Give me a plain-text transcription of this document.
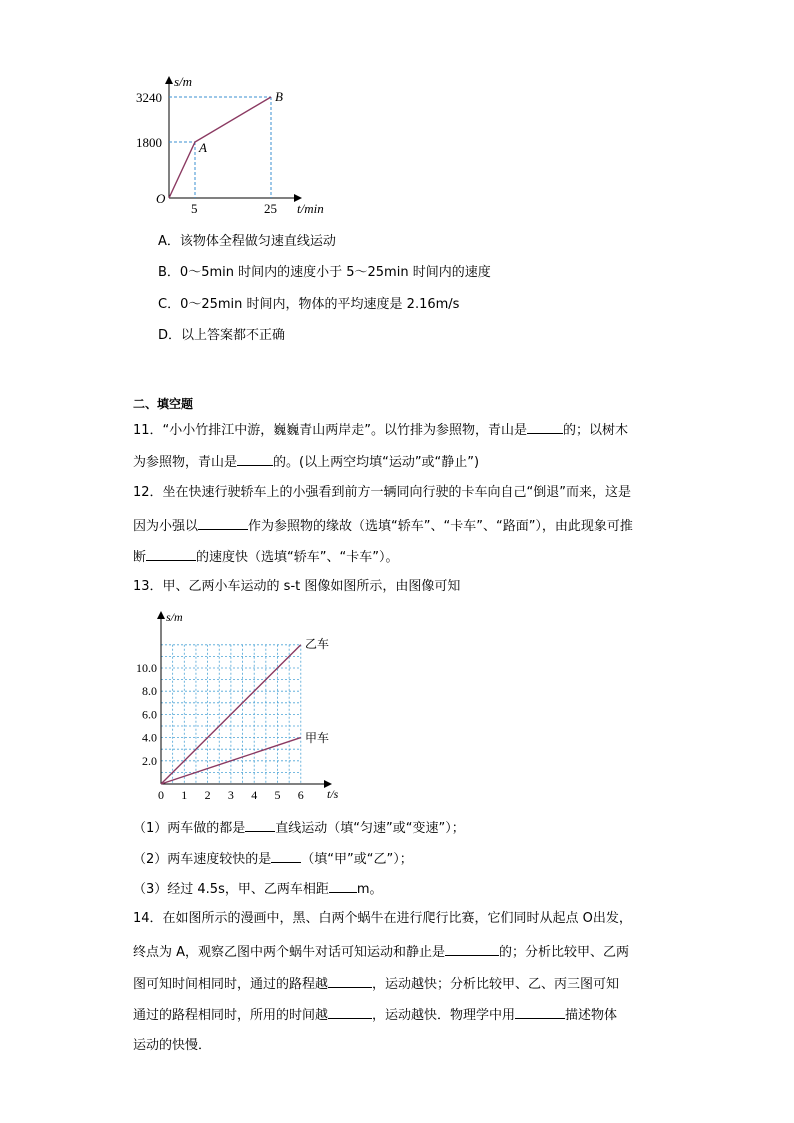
s/m
t/min
O
3240
1800
5	25
A
B
A．该物体全程做匀速直线运动
B．0～5min 时间内的速度小于 5～25min 时间内的速度
C．0～25min 时间内，物体的平均速度是 2.16m/s
D．以上答案都不正确
二、填空题
11．“小小竹排江中游，巍巍青山两岸走”。以竹排为参照物，青山是	的；以树木
为参照物，青山是	的。(以上两空均填“运动”或“静止”)
12．坐在快速行驶轿车上的小强看到前方一辆同向行驶的卡车向自己“倒退”而来，这是
因为小强以	作为参照物的缘故（选填“轿车”、“卡车”、“路面”），由此现象可推
断	的速度快（选填“轿车”、“卡车”）。
13．甲、乙两小车运动的 s-t 图像如图所示，由图像可知
s/m
t/s
2.0
4.0
6.0
8.0
10.0
0 1 2 3 4 5 6
乙车
甲车
（1）两车做的都是 直线运动（填“匀速”或“变速”）；
（2）两车速度较快的是 （填“甲”或“乙”）；
（3）经过 4.5s，甲、乙两车相距 m。
14．在如图所示的漫画中，黑、白两个蜗牛在进行爬行比赛，它们同时从起点 O出发，
终点为 A，观察乙图中两个蜗牛对话可知运动和静止是	的；分析比较甲、乙两
图可知时间相同时，通过的路程越	，运动越快；分析比较甲、乙、丙三图可知
通过的路程相同时，所用的时间越	，运动越快．物理学中用	描述物体
运动的快慢．
